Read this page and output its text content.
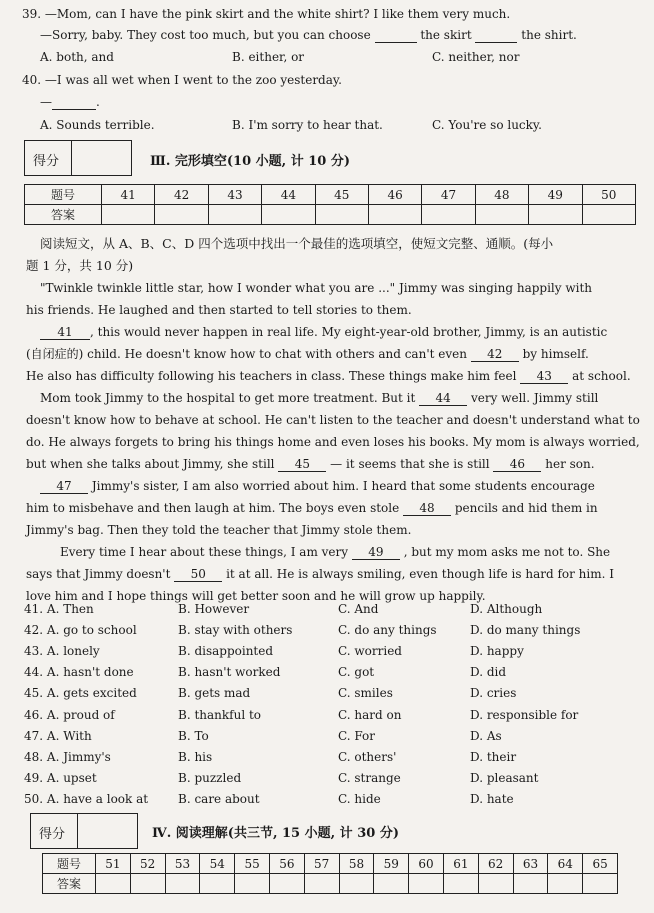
39. —Mom, can I have the pink skirt and the white shirt? I like them very much.
—Sorry, baby. They cost too much, but you can choose	the skirt	the shirt.
A. both, and	B. either, or	C. neither, nor
40. —I was all wet when I went to the zoo yesterday.
—	.
A. Sounds terrible.	B. I'm sorry to hear that.	C. You're so lucky.
得分	Ⅲ. 完形填空(10 小题, 计 10 分)
题号	41	42	43	44	45	46	47	48	49	50
答案										
阅读短文，从 A、B、C、D 四个选项中找出一个最佳的选项填空，使短文完整、通顺。(每小
题 1 分，共 10 分)
"Twinkle twinkle little star, how I wonder what you are ..." Jimmy was singing happily with
his friends. He laughed and then started to tell stories to them.
41 , this would never happen in real life. My eight-year-old brother, Jimmy, is an autistic
(自闭症的) child. He doesn't know how to chat with others and can't even 42 by himself.
He also has difficulty following his teachers in class. These things make him feel 43 at school.
Mom took Jimmy to the hospital to get more treatment. But it 44 very well. Jimmy still
doesn't know how to behave at school. He can't listen to the teacher and doesn't understand what to
do. He always forgets to bring his things home and even loses his books. My mom is always worried,
but when she talks about Jimmy, she still 45 — it seems that she is still 46 her son.
47 Jimmy's sister, I am also worried about him. I heard that some students encourage
him to misbehave and then laugh at him. The boys even stole 48 pencils and hid them in
Jimmy's bag. Then they told the teacher that Jimmy stole them.
Every time I hear about these things, I am very 49 , but my mom asks me not to. She
says that Jimmy doesn't 50 it at all. He is always smiling, even though life is hard for him. I
love him and I hope things will get better soon and he will grow up happily.
41. A. Then	B. However	C. And	D. Although
42. A. go to school	B. stay with others	C. do any things	D. do many things
43. A. lonely	B. disappointed	C. worried	D. happy
44. A. hasn't done	B. hasn't worked	C. got	D. did
45. A. gets excited	B. gets mad	C. smiles	D. cries
46. A. proud of	B. thankful to	C. hard on	D. responsible for
47. A. With	B. To	C. For	D. As
48. A. Jimmy's	B. his	C. others'	D. their
49. A. upset	B. puzzled	C. strange	D. pleasant
50. A. have a look at B. care about	C. hide	D. hate
得分	Ⅳ. 阅读理解(共三节, 15 小题, 计 30 分)
题号	51	52	53	54	55	56	57	58	59	60	61	62	63	64	65
答案															
